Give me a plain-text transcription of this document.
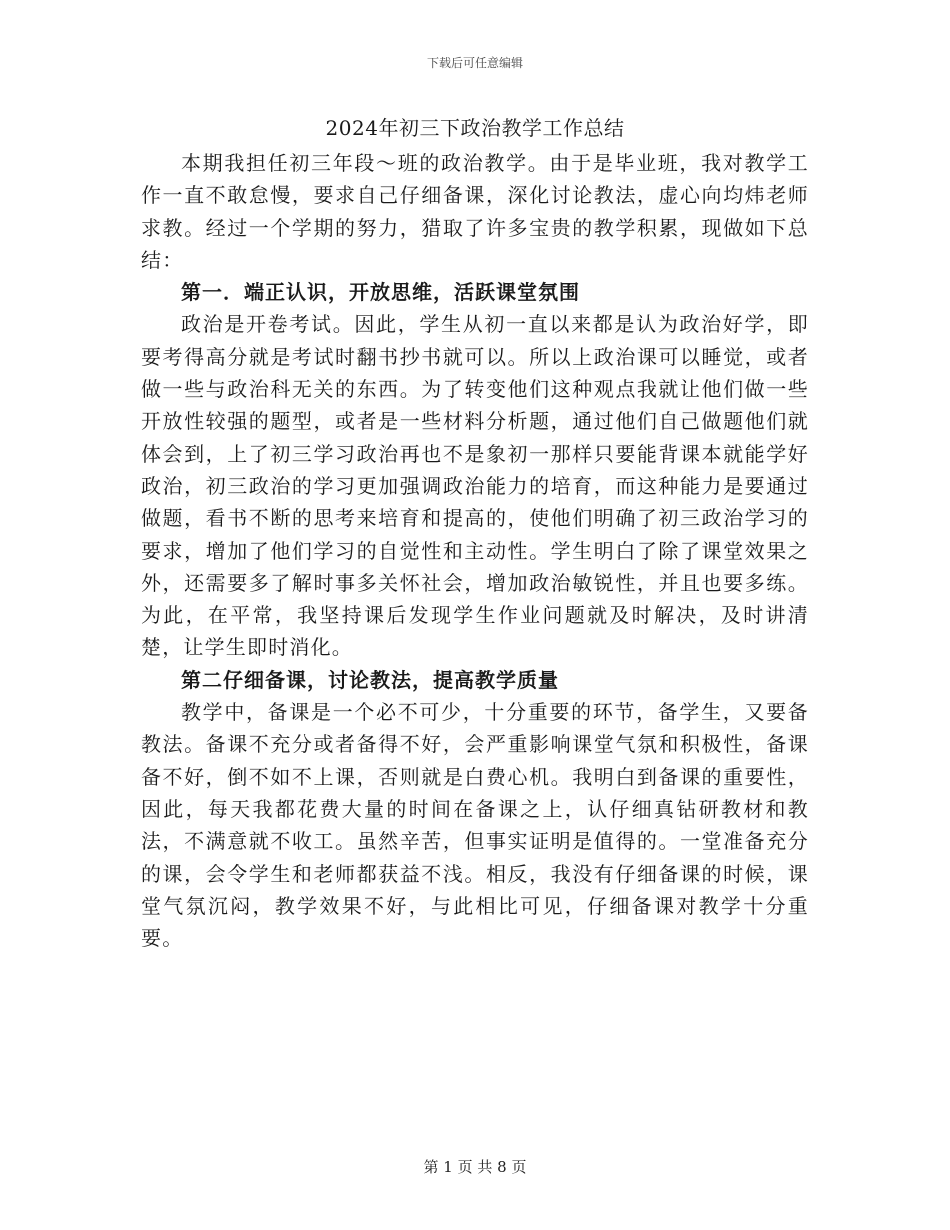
下载后可任意编辑
2024年初三下政治教学工作总结

本期我担任初三年段～班的政治教学。由于是毕业班，我对教学工作一直不敢怠慢，要求自己仔细备课，深化讨论教法，虚心向均炜老师求教。经过一个学期的努力，猎取了许多宝贵的教学积累，现做如下总结：

第一．端正认识，开放思维，活跃课堂氛围

政治是开卷考试。因此，学生从初一直以来都是认为政治好学，即要考得高分就是考试时翻书抄书就可以。所以上政治课可以睡觉，或者做一些与政治科无关的东西。为了转变他们这种观点我就让他们做一些开放性较强的题型，或者是一些材料分析题，通过他们自己做题他们就体会到，上了初三学习政治再也不是象初一那样只要能背课本就能学好政治，初三政治的学习更加强调政治能力的培育，而这种能力是要通过做题，看书不断的思考来培育和提高的，使他们明确了初三政治学习的要求，增加了他们学习的自觉性和主动性。学生明白了除了课堂效果之外，还需要多了解时事多关怀社会，增加政治敏锐性，并且也要多练。为此，在平常，我坚持课后发现学生作业问题就及时解决，及时讲清楚，让学生即时消化。

第二仔细备课，讨论教法，提高教学质量

教学中，备课是一个必不可少，十分重要的环节，备学生，又要备教法。备课不充分或者备得不好，会严重影响课堂气氛和积极性，备课备不好，倒不如不上课，否则就是白费心机。我明白到备课的重要性，因此，每天我都花费大量的时间在备课之上，认仔细真钻研教材和教法，不满意就不收工。虽然辛苦，但事实证明是值得的。一堂准备充分的课，会令学生和老师都获益不浅。相反，我没有仔细备课的时候，课堂气氛沉闷，教学效果不好，与此相比可见，仔细备课对教学十分重要。

第 1 页 共 8 页
